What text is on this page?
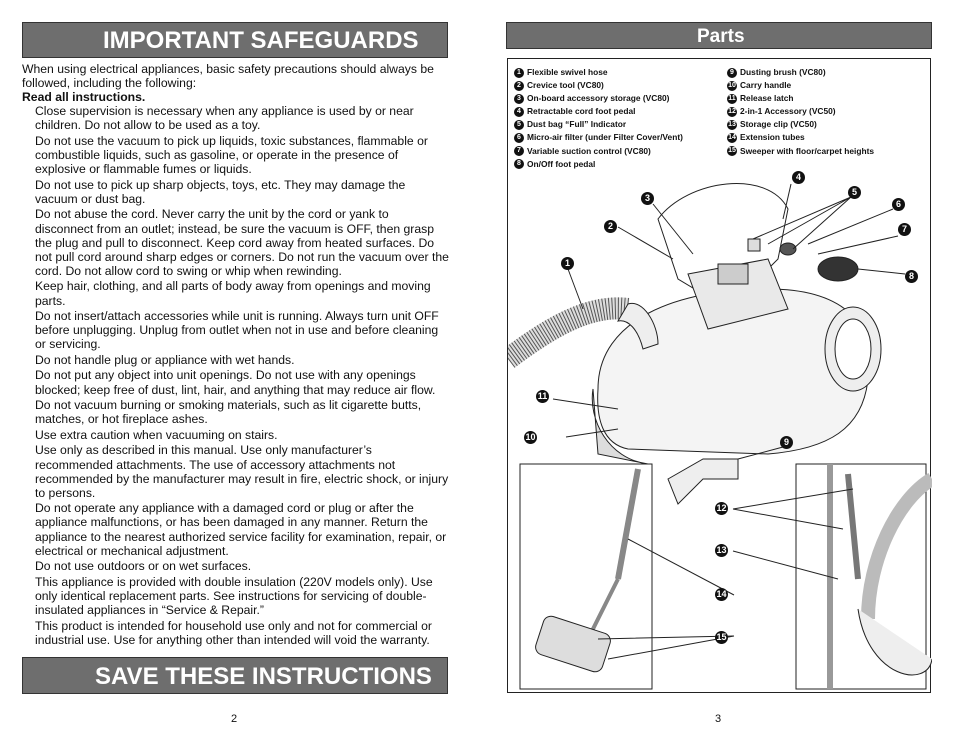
IMPORTANT SAFEGUARDS

When using electrical appliances, basic safety precautions should always be followed, including the following:

Read all instructions.

Close supervision is necessary when any appliance is used by or near children. Do not allow to be used as a toy.

Do not use the vacuum to pick up liquids, toxic substances, flammable or combustible liquids, such as gasoline, or operate in the presence of explosive or flammable fumes or liquids.

Do not use to pick up sharp objects, toys, etc. They may damage the vacuum or dust bag.

Do not abuse the cord. Never carry the unit by the cord or yank to disconnect from an outlet; instead, be sure the vacuum is OFF, then grasp the plug and pull to disconnect. Keep cord away from heated surfaces. Do not pull cord around sharp edges or corners. Do not run the vacuum over the cord. Do not allow cord to swing or whip when rewinding.

Keep hair, clothing, and all parts of body away from openings and moving parts.

Do not insert/attach accessories while unit is running. Always turn unit OFF before unplugging. Unplug from outlet when not in use and before cleaning or servicing.

Do not handle plug or appliance with wet hands.

Do not put any object into unit openings. Do not use with any openings blocked; keep free of dust, lint, hair, and anything that may reduce air flow.

Do not vacuum burning or smoking materials, such as lit cigarette butts, matches, or hot fireplace ashes.

Use extra caution when vacuuming on stairs.

Use only as described in this manual. Use only manufacturer’s recommended attachments. The use of accessory attachments not recommended by the manufacturer may result in fire, electric shock, or injury to persons.

Do not operate any appliance with a damaged cord or plug or after the appliance malfunctions, or has been damaged in any manner. Return the appliance to the nearest authorized service facility for examination, repair, or electrical or mechanical adjustment.

Do not use outdoors or on wet surfaces.

This appliance is provided with double insulation (220V models only). Use only identical replacement parts. See instructions for servicing of double-insulated appliances in “Service & Repair.”

This product is intended for household use only and not for commercial or industrial use. Use for anything other than intended will void the warranty.

SAVE THESE INSTRUCTIONS
2
Parts
1 Flexible swivel hose
2 Crevice tool (VC80)
3 On-board accessory storage (VC80)
4 Retractable cord foot pedal
5 Dust bag “Full” Indicator
6 Micro-air filter (under Filter Cover/Vent)
7 Variable suction control (VC80)
8 On/Off foot pedal
9 Dusting brush (VC80)
10 Carry handle
11 Release latch
12 2-in-1 Accessory (VC50)
13 Storage clip (VC50)
14 Extension tubes
15 Sweeper with floor/carpet heights
1
2
3
4
5
6
7
8
9
10
11
12
13
14
15
3
